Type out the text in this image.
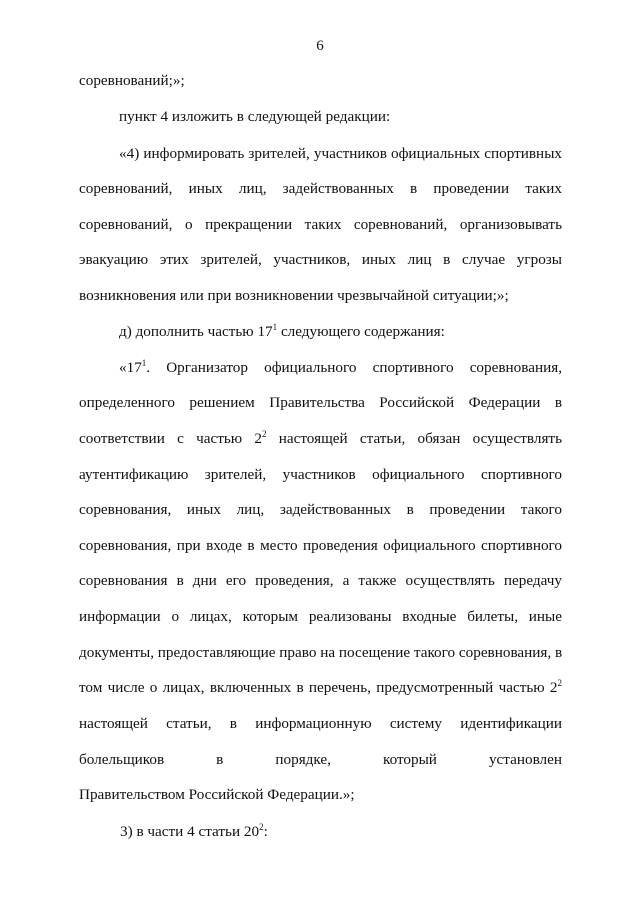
6
соревнований;»;
пункт 4 изложить в следующей редакции:
«4) информировать зрителей, участников официальных спортивных
соревнований, иных лиц, задействованных в проведении таких
соревнований, о прекращении таких соревнований, организовывать
эвакуацию этих зрителей, участников, иных лиц в случае угрозы
возникновения или при возникновении чрезвычайной ситуации;»;
д) дополнить частью $17^1$ следующего содержания:
«$17^1$. Организатор официального спортивного соревнования,
определенного решением Правительства Российской Федерации в
соответствии с частью $2^2$ настоящей статьи, обязан осуществлять
аутентификацию зрителей, участников официального спортивного
соревнования, иных лиц, задействованных в проведении такого
соревнования, при входе в место проведения официального спортивного
соревнования в дни его проведения, а также осуществлять передачу
информации о лицах, которым реализованы входные билеты, иные
документы, предоставляющие право на посещение такого соревнования, в
том числе о лицах, включенных в перечень, предусмотренный частью $2^2$
настоящей статьи, в информационную систему идентификации
болельщиков в порядке, который установлен
Правительством Российской Федерации.»;
3) в части 4 статьи $20^2$:
